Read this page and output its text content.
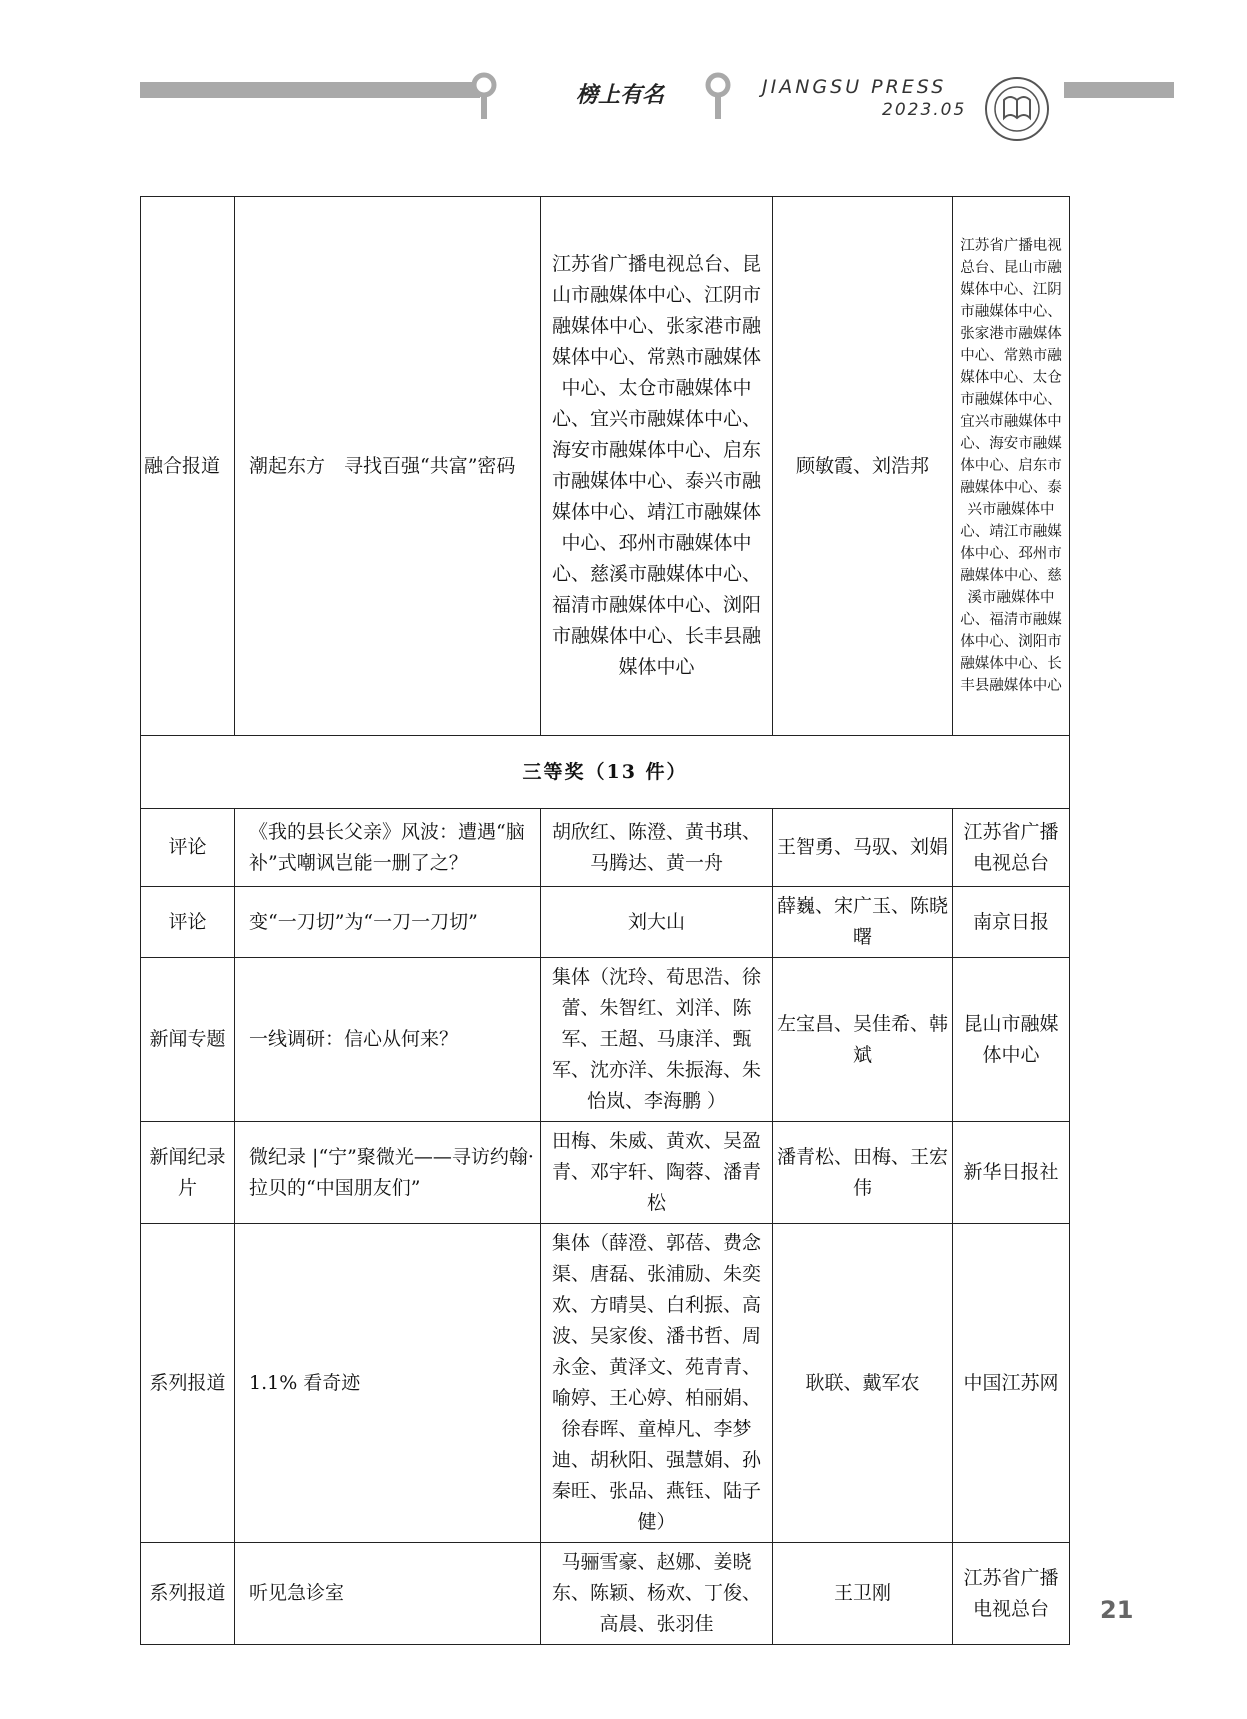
榜上有名	JIANGSU PRESS
2023.05
融合报道	潮起东方　寻找百强“共富”密码	江苏省广播电视总台、昆山市融媒体中心、江阴市融媒体中心、张家港市融媒体中心、常熟市融媒体中心、太仓市融媒体中心、宜兴市融媒体中心、海安市融媒体中心、启东市融媒体中心、泰兴市融媒体中心、靖江市融媒体中心、邳州市融媒体中心、慈溪市融媒体中心、福清市融媒体中心、浏阳市融媒体中心、长丰县融媒体中心	顾敏霞、刘浩邦	江苏省广播电视总台、昆山市融媒体中心、江阴市融媒体中心、张家港市融媒体中心、常熟市融媒体中心、太仓市融媒体中心、宜兴市融媒体中心、海安市融媒体中心、启东市融媒体中心、泰兴市融媒体中心、靖江市融媒体中心、邳州市融媒体中心、慈溪市融媒体中心、福清市融媒体中心、浏阳市融媒体中心、长丰县融媒体中心
三等奖（13 件）				
评论	《我的县长父亲》风波：遭遇“脑补”式嘲讽岂能一删了之？	胡欣红、陈澄、黄书琪、马腾达、黄一舟	王智勇、马驭、刘娟	江苏省广播电视总台
评论	变“一刀切”为“一刀一刀切”	刘大山	薛巍、宋广玉、陈晓曙	南京日报
新闻专题	一线调研：信心从何来？	集体（沈玲、荀思浩、徐蕾、朱智红、刘洋、陈军、王超、马康洋、甄军、沈亦洋、朱振海、朱怡岚、李海鹏 ）	左宝昌、吴佳希、韩斌	昆山市融媒体中心
新闻纪录片	微纪录 |“宁”聚微光——寻访约翰·拉贝的“中国朋友们”	田梅、朱威、黄欢、吴盈青、邓宇轩、陶蓉、潘青松	潘青松、田梅、王宏伟	新华日报社
系列报道	1.1% 看奇迹	集体（薛澄、郭蓓、费念渠、唐磊、张浦励、朱奕欢、方晴昊、白利振、高波、吴家俊、潘书哲、周永金、黄泽文、苑青青、喻婷、王心婷、柏丽娟、徐春晖、童棹凡、李梦迪、胡秋阳、强慧娟、孙秦旺、张品、燕钰、陆子健）	耿联、戴军农	中国江苏网
系列报道	听见急诊室	马骊雪豪、赵娜、姜晓东、陈颖、杨欢、丁俊、高晨、张羽佳	王卫刚	江苏省广播电视总台 21
